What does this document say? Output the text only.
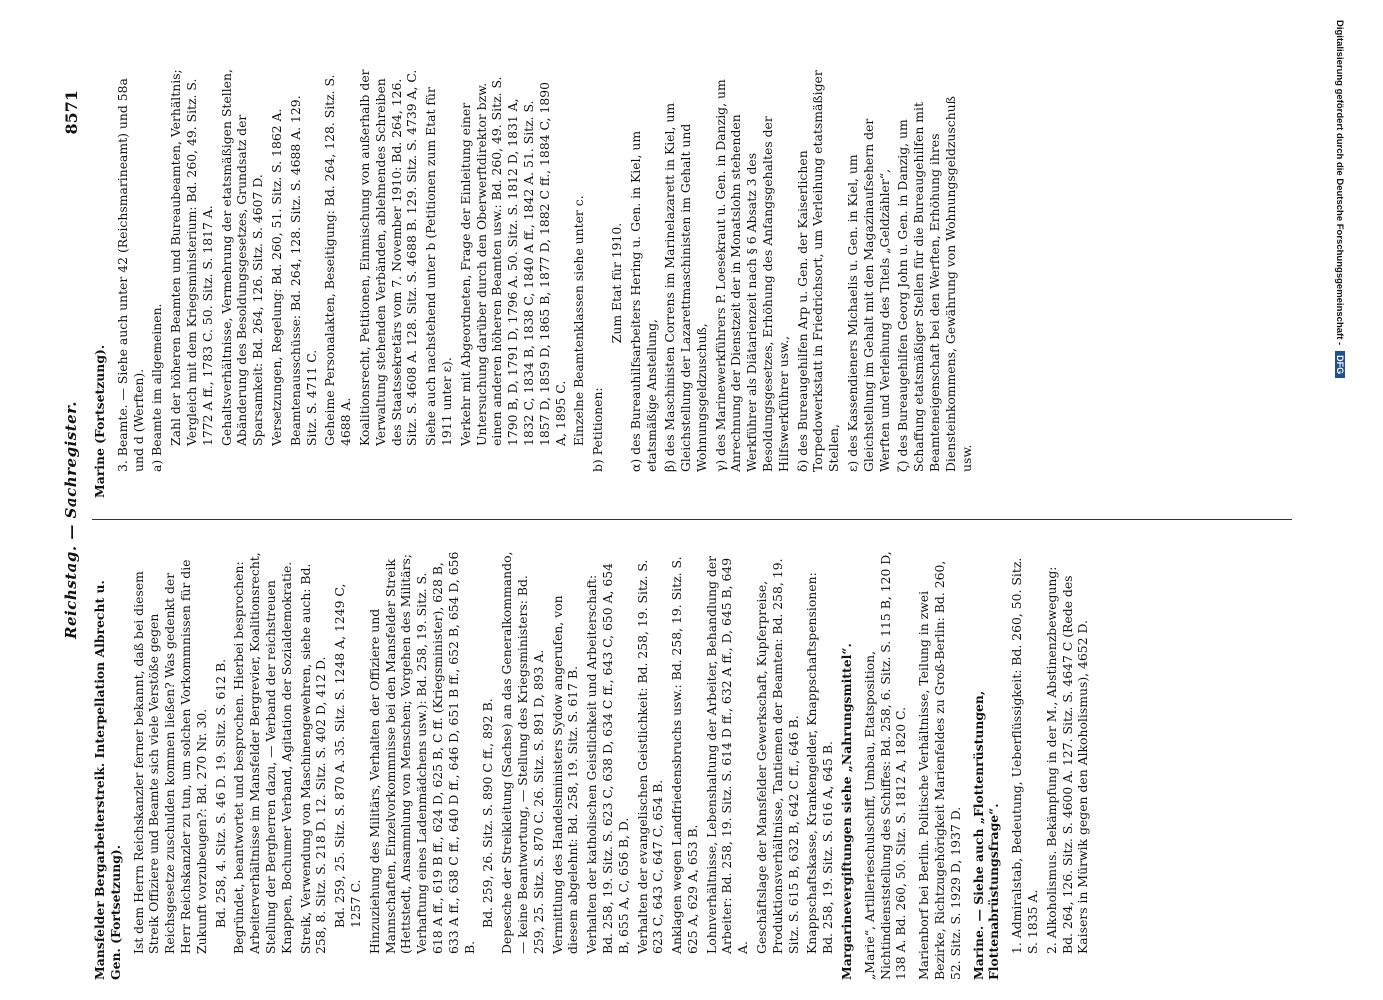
Reichstag. — Sachregister.
8571

Mansfelder Bergarbeiterstreik. Interpellation Albrecht u. Gen. (Fortsetzung). Ist dem Herrn Reichskanzler ferner bekannt, daß bei diesem Streik Offiziere und Beamte sich viele Verstöße gegen Reichsgesetze zuschulden kommen ließen? Was gedenkt der Herr Reichskanzler zu tun, um solchen Vorkommnissen für die Zukunft vorzubeugen?: Bd. 270 Nr. 30. Bd. 258, 4. Sitz. S. 46 D. 19. Sitz. S. 612 B. Begründet, beantwortet und besprochen. Hierbei besprochen: Arbeiterverhältnisse im Mansfelder Bergrevier, Koalitionsrecht, Stellung der Bergherren dazu, — Verband der reichstreuen Knappen, Bochumer Verband, Agitation der Sozialdemokratie. Streik, Verwendung von Maschinengewehren, siehe auch: Bd. 258, 8. Sitz. S. 218 D. 12. Sitz. S. 402 D, 412 D. Bd. 259, 25. Sitz. S. 870 A. 35. Sitz. S. 1248 A, 1249 C, 1257 C. Hinzuziehung des Militärs, Verhalten der Offiziere und Mannschaften, Einzelvorkommnisse bei den Mansfelder Streik (Hettstedt, Ansammlung von Menschen; Vorgehen des Militärs; Verhaftung eines Ladenmädchens usw.): Bd. 258, 19. Sitz. S. 618 A ff., 619 B ff., 624 D, 625 B, C ff. (Kriegsminister), 628 B, 633 A ff., 638 C ff., 640 D ff., 646 D, 651 B ff., 652 B, 654 D, 656 B.

Bd. 259, 26. Sitz. S. 890 C ff., 892 B. Depesche der Streikleitung (Sachse) an das Generalkommando, — keine Beantwortung, — Stellung des Kriegsministers: Bd. 259, 25. Sitz. S. 870 C. 26. Sitz. S. 891 D, 893 A. Vermittlung des Handelsministers Sydow angerufen, von diesem abgelehnt: Bd. 258, 19. Sitz. S. 617 B. Verhalten der katholischen Geistlichkeit und Arbeiterschaft: Bd. 258, 19. Sitz. S. 623 C, 638 D, 634 C ff., 643 C, 650 A, 654 B, 655 A, C, 656 B, D. Verhalten der evangelischen Geistlichkeit: Bd. 258, 19. Sitz. S. 623 C, 643 C, 647 C, 654 B. Anklagen wegen Landfriedensbruchs usw.: Bd. 258, 19. Sitz. S. 625 A, 629 A, 653 B. Lohnverhältnisse, Lebenshaltung der Arbeiter, Behandlung der Arbeiter: Bd. 258, 19. Sitz. S. 614 D ff., 632 A ff., D, 645 B, 649 A. Geschäftslage der Mansfelder Gewerkschaft, Kupferpreise, Produktionsverhältnisse, Tantiemen der Beamten: Bd. 258, 19. Sitz. S. 615 B, 632 B, 642 C ff., 646 B. Knappschaftskasse, Krankengelder, Knappschaftspensionen: Bd. 258, 19. Sitz. S. 616 A, 645 B. Margarinevergiftungen siehe „Nahrungsmittel“. „Marie“, Artillerieschulschiff, Umbau, Etatsposition, Nichtindienststellung des Schiffes: Bd. 258, 6. Sitz. S. 115 B, 120 D, 138 A. Bd. 260, 50. Sitz. S. 1812 A, 1820 C. Marienborf bei Berlin. Politische Verhältnisse, Teilung in zwei Bezirke, Richtzugehörigkeit Marienfeldes zu Groß-Berlin: Bd. 260, 52. Sitz. S. 1929 D, 1937 D. Marine. — Siehe auch „Flottenrüstungen, Flottenabrüstungsfrage“. 1. Admiralstab, Bedeutung, Ueberflüssigkeit: Bd. 260, 50. Sitz. S. 1835 A. 2. Alkoholismus. Bekämpfung in der M., Abstinenzbewegung: Bd. 264, 126. Sitz. S. 4600 A. 127. Sitz. S. 4647 C (Rede des Kaisers in Mürwik gegen den Alkoholismus), 4652 D.

Marine (Fortsetzung). 3. Beamte. — Siehe auch unter 42 (Reichsmarineamt) und 58a und d (Werften). a) Beamte im allgemeinen. Zahl der höheren Beamten und Bureaubeamten, Verhältnis; Vergleich mit dem Kriegsministerium: Bd. 260, 49. Sitz. S. 1772 A ff., 1783 C. 50. Sitz. S. 1817 A. Gehaltsverhältnisse, Vermehrung der etatsmäßigen Stellen, Abänderung des Besoldungsgesetzes, Grundsatz der Sparsamkeit: Bd. 264, 126. Sitz. S. 4607 D. Versetzungen, Regelung: Bd. 260, 51. Sitz. S. 1862 A. Beamtenausschüsse: Bd. 264, 128. Sitz. S. 4688 A. 129. Sitz. S. 4711 C. Geheime Personalakten, Beseitigung: Bd. 264, 128. Sitz. S. 4688 A. Koalitionsrecht, Petitionen, Einmischung von außerhalb der Verwaltung stehenden Verbänden, ablehnendes Schreiben des Staatssekretärs vom 7. November 1910: Bd. 264, 126. Sitz. S. 4608 A. 128. Sitz. S. 4688 B. 129. Sitz. S. 4739 A, C. Siehe auch nachstehend unter b (Petitionen zum Etat für 1911 unter ε). Verkehr mit Abgeordneten, Frage der Einleitung einer Untersuchung darüber durch den Oberwerftdirektor bzw. einen anderen höheren Beamten usw.: Bd. 260, 49. Sitz. S. 1790 B, D, 1791 D, 1796 A. 50. Sitz. S. 1812 D, 1831 A, 1832 C, 1834 B, 1838 C, 1840 A ff., 1842 A. 51. Sitz. S. 1857 D, 1859 D, 1865 B, 1877 D, 1882 C ff., 1884 C, 1890 A, 1895 C. Einzelne Beamtenklassen siehe unter c. b) Petitionen:

Zum Etat für 1910. α) des Bureauhilfsarbeiters Hering u. Gen. in Kiel, um etatsmäßige Anstellung, β) des Maschinisten Correns im Marinelazarett in Kiel, um Gleichstellung der Lazarettmaschinisten im Gehalt und Wohnungsgeldzuschuß, γ) des Marinewerkführers P. Loesekraut u. Gen. in Danzig, um Anrechnung der Dienstzeit der in Monatslohn stehenden Werkführer als Diätarienzeit nach § 6 Absatz 3 des Besoldungsgesetzes, Erhöhung des Anfangsgehaltes der Hilfswerkführer usw., δ) des Bureaugehilfen Arp u. Gen. der Kaiserlichen Torpedowerkstatt in Friedrichsort, um Verleihung etatsmäßiger Stellen, ε) des Kassendieners Michaelis u. Gen. in Kiel, um Gleichstellung im Gehalt mit den Magazinaufsehern der Werften und Verleihung des Titels „Geldzähler“, ζ) des Bureaugehilfen Georg John u. Gen. in Danzig, um Schaffung etatsmäßiger Stellen für die Bureaugehilfen mit Beamteneigenschaft bei den Werften, Erhöhung ihres Diensteinkommens, Gewährung von Wohnungsgeldzuschuß usw.

Digitalisierung gefördert durch die Deutsche Forschungsgemeinschaft -DFG
